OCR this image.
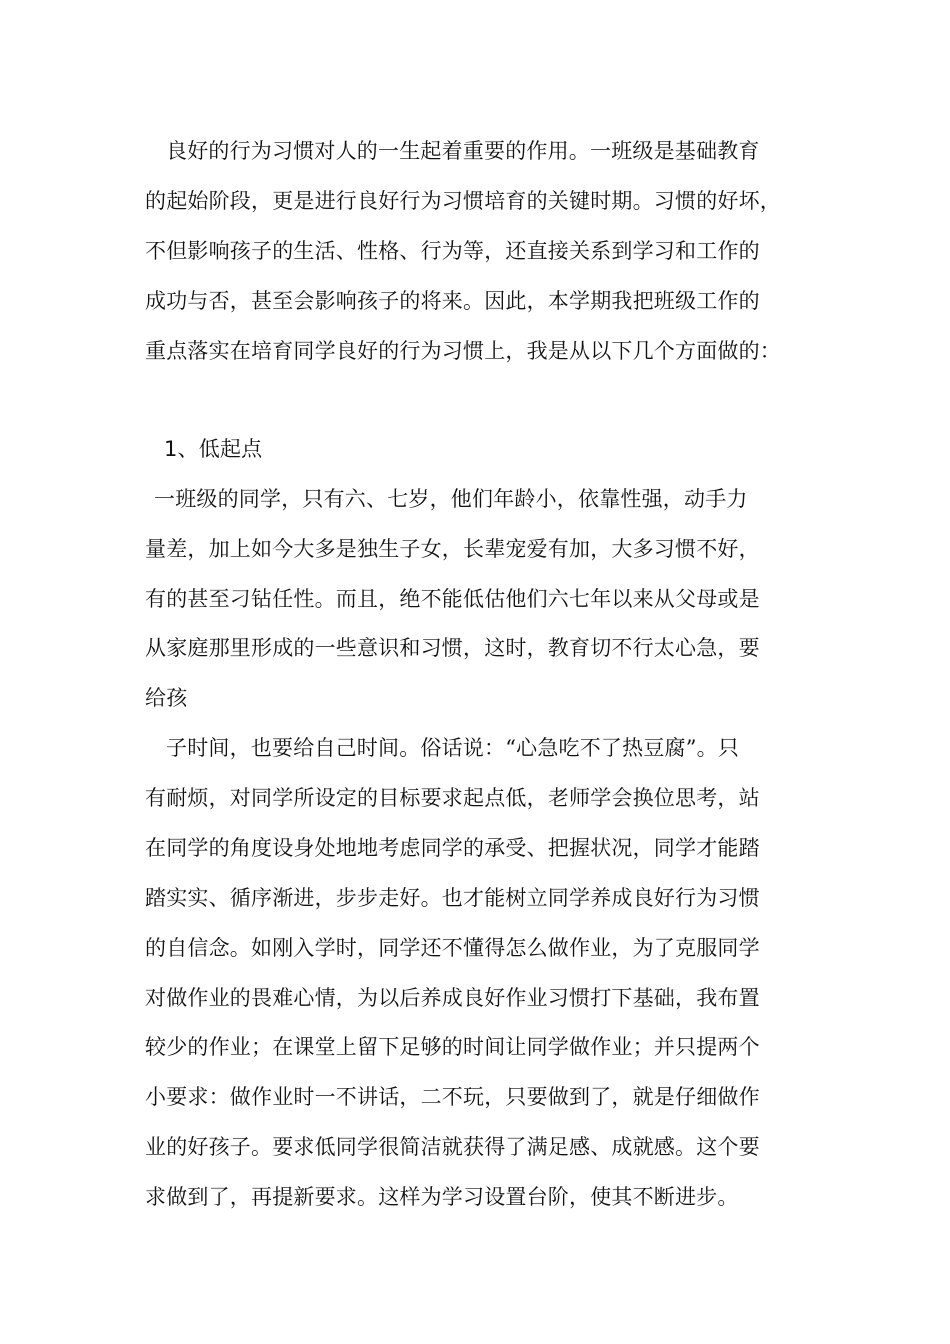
良好的行为习惯对人的一生起着重要的作用。一班级是基础教育
的起始阶段，更是进行良好行为习惯培育的关键时期。习惯的好坏，
不但影响孩子的生活、性格、行为等，还直接关系到学习和工作的
成功与否，甚至会影响孩子的将来。因此，本学期我把班级工作的
重点落实在培育同学良好的行为习惯上，我是从以下几个方面做的：
1、低起点
一班级的同学，只有六、七岁，他们年龄小，依靠性强，动手力
量差，加上如今大多是独生子女，长辈宠爱有加，大多习惯不好，
有的甚至刁钻任性。而且，绝不能低估他们六七年以来从父母或是
从家庭那里形成的一些意识和习惯，这时，教育切不行太心急，要
给孩
子时间，也要给自己时间。俗话说：“心急吃不了热豆腐”。只
有耐烦，对同学所设定的目标要求起点低，老师学会换位思考，站
在同学的角度设身处地地考虑同学的承受、把握状况，同学才能踏
踏实实、循序渐进，步步走好。也才能树立同学养成良好行为习惯
的自信念。如刚入学时，同学还不懂得怎么做作业，为了克服同学
对做作业的畏难心情，为以后养成良好作业习惯打下基础，我布置
较少的作业；在课堂上留下足够的时间让同学做作业；并只提两个
小要求：做作业时一不讲话，二不玩，只要做到了，就是仔细做作
业的好孩子。要求低同学很简洁就获得了满足感、成就感。这个要
求做到了，再提新要求。这样为学习设置台阶，使其不断进步。
